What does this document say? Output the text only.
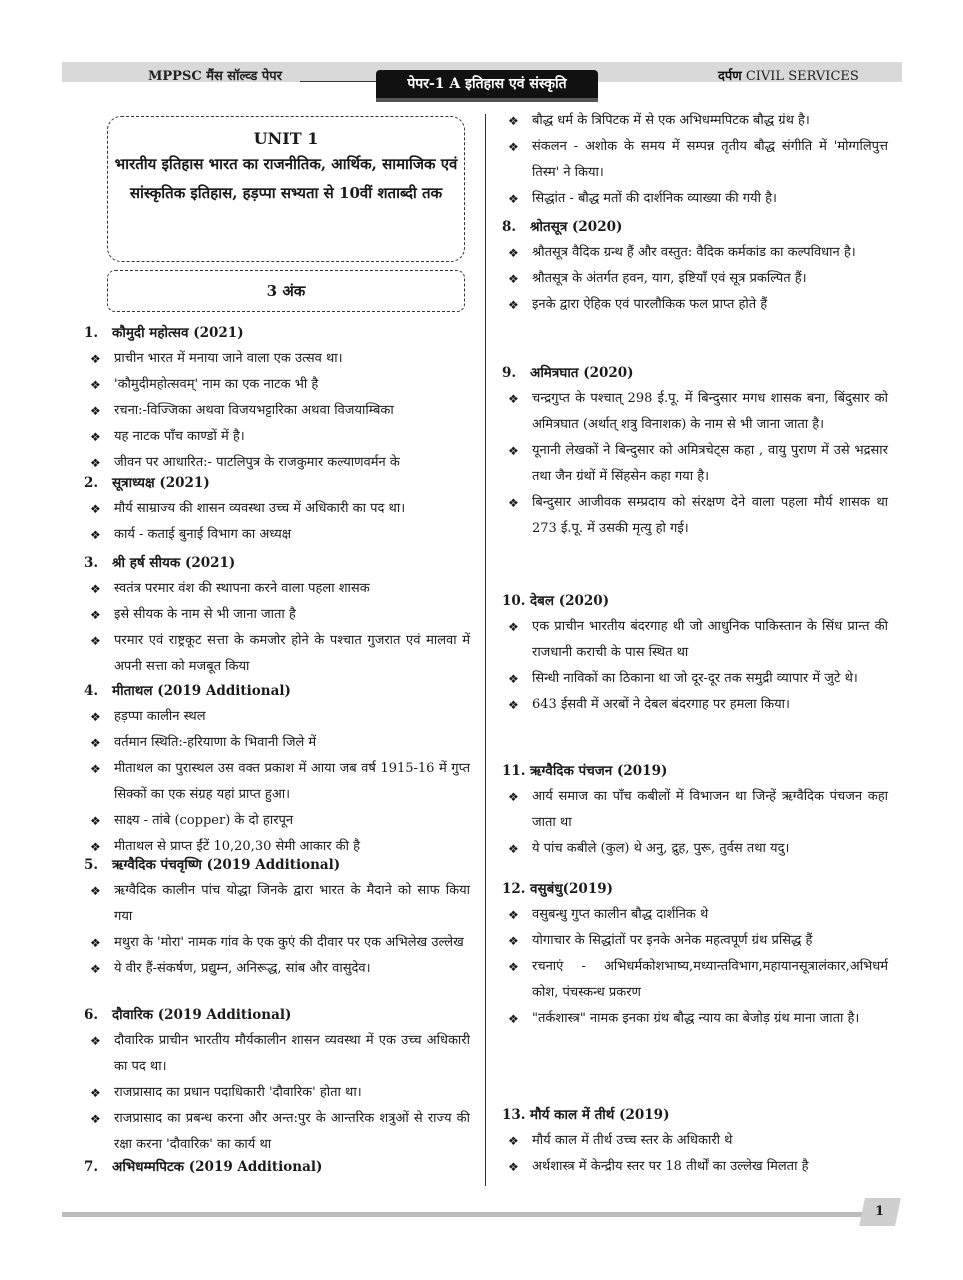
MPPSC मैंस सॉल्व्ड पेपर	पेपर-1 A इतिहास एवं संस्कृति	दर्पण CIVIL SERVICES
UNIT 1
भारतीय इतिहास भारत का राजनीतिक, आर्थिक, सामाजिक एवं सांस्कृतिक इतिहास, हड़प्पा सभ्यता से 10वीं शताब्दी तक
3 अंक
1. कौमुदी महोत्सव (2021)
❖ प्राचीन भारत में मनाया जाने वाला एक उत्सव था।
❖ 'कौमुदीमहोत्सवम्' नाम का एक नाटक भी है
❖ रचना:-विज्जिका अथवा विजयभट्टारिका अथवा विजयाम्बिका
❖ यह नाटक पाँच काण्डों में है।
❖ जीवन पर आधारित:- पाटलिपुत्र के राजकुमार कल्याणवर्मन के
2. सूत्राध्यक्ष (2021)
❖ मौर्य साम्राज्य की शासन व्यवस्था उच्च में अधिकारी का पद था।
❖ कार्य - कताई बुनाई विभाग का अध्यक्ष
3. श्री हर्ष सीयक (2021)
❖ स्वतंत्र परमार वंश की स्थापना करने वाला पहला शासक
❖ इसे सीयक के नाम से भी जाना जाता है
❖ परमार एवं राष्ट्रकूट सत्ता के कमजोर होने के पश्चात गुजरात एवं मालवा में अपनी सत्ता को मजबूत किया
4. मीताथल (2019 Additional)
❖ हड़प्पा कालीन स्थल
❖ वर्तमान स्थिति:-हरियाणा के भिवानी जिले में
❖ मीताथल का पुरास्थल उस वक्त प्रकाश में आया जब वर्ष 1915-16 में गुप्त सिक्कों का एक संग्रह यहां प्राप्त हुआ।
❖ साक्ष्य - तांबे (copper) के दो हारपून
❖ मीताथल से प्राप्त ईंटें 10,20,30 सेमी आकार की है
5. ऋग्वैदिक पंचवृष्णि (2019 Additional)
❖ ऋग्वैदिक कालीन पांच योद्धा जिनके द्वारा भारत के मैदाने को साफ किया गया
❖ मथुरा के 'मोरा' नामक गांव के एक कुएं की दीवार पर एक अभिलेख उल्लेख
❖ ये वीर हैं-संकर्षण, प्रद्युम्न, अनिरूद्ध, सांब और वासुदेव।
6. दौवारिक (2019 Additional)
❖ दौवारिक प्राचीन भारतीय मौर्यकालीन शासन व्यवस्था में एक उच्च अधिकारी का पद था।
❖ राजप्रासाद का प्रधान पदाधिकारी 'दौवारिक' होता था।
❖ राजप्रासाद का प्रबन्ध करना और अन्त:पुर के आन्तरिक शत्रुओं से राज्य की रक्षा करना 'दौवारिक' का कार्य था
7. अभिधम्मपिटक (2019 Additional)
❖ बौद्ध धर्म के त्रिपिटक में से एक अभिधम्मपिटक बौद्ध ग्रंथ है।
❖ संकलन - अशोक के समय में सम्पन्न तृतीय बौद्ध संगीति में 'मोग्गलिपुत्त तिस्म' ने किया।
❖ सिद्धांत - बौद्ध मतों की दार्शनिक व्याख्या की गयी है।
8. श्रोतसूत्र (2020)
❖ श्रौतसूत्र वैदिक ग्रन्थ हैं और वस्तुत: वैदिक कर्मकांड का कल्पविधान है।
❖ श्रौतसूत्र के अंतर्गत हवन, याग, इष्टियाँ एवं सूत्र प्रकल्पित हैं।
❖ इनके द्वारा ऐहिक एवं पारलौकिक फल प्राप्त होते हैं
9. अमित्रघात (2020)
❖ चन्द्रगुप्त के पश्चात् 298 ई.पू. में बिन्दुसार मगध शासक बना, बिंदुसार को अमित्रघात (अर्थात् शत्रु विनाशक) के नाम से भी जाना जाता है।
❖ यूनानी लेखकों ने बिन्दुसार को अमित्रचेट्स कहा , वायु पुराण में उसे भद्रसार तथा जैन ग्रंथों में सिंहसेन कहा गया है।
❖ बिन्दुसार आजीवक सम्प्रदाय को संरक्षण देने वाला पहला मौर्य शासक था 273 ई.पू. में उसकी मृत्यु हो गई।
10. देबल (2020)
❖ एक प्राचीन भारतीय बंदरगाह थी जो आधुनिक पाकिस्तान के सिंध प्रान्त की राजधानी कराची के पास स्थित था
❖ सिन्धी नाविकों का ठिकाना था जो दूर-दूर तक समुद्री व्यापार में जुटे थे।
❖ 643 ईसवी में अरबों ने देबल बंदरगाह पर हमला किया।
11. ऋग्वैदिक पंचजन (2019)
❖ आर्य समाज का पाँच कबीलों में विभाजन था जिन्हें ऋग्वैदिक पंचजन कहा जाता था
❖ ये पांच कबीले (कुल) थे अनु, द्रुह, पुरू, तुर्वस तथा यदु।
12. वसुबंधु(2019)
❖ वसुबन्धु गुप्त कालीन बौद्ध दार्शनिक थे
❖ योगाचार के सिद्धांतों पर इनके अनेक महत्वपूर्ण ग्रंथ प्रसिद्ध हैं
❖ रचनाएं - अभिधर्मकोशभाष्य,मध्यान्तविभाग,महायानसूत्रालंकार,अभिधर्म कोश, पंचस्कन्ध प्रकरण
❖ "तर्कशास्त्र" नामक इनका ग्रंथ बौद्ध न्याय का बेजोड़ ग्रंथ माना जाता है।
13. मौर्य काल में तीर्थ (2019)
❖ मौर्य काल में तीर्थ उच्च स्तर के अधिकारी थे
❖ अर्थशास्त्र में केन्द्रीय स्तर पर 18 तीर्थों का उल्लेख मिलता है
1
